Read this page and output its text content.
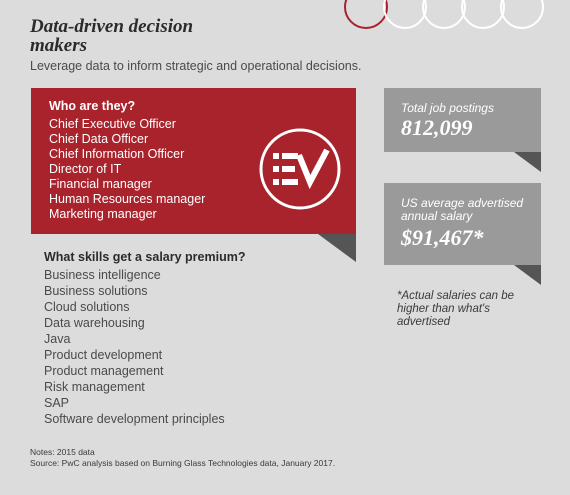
Data-driven decision makers
Leverage data to inform strategic and operational decisions.
Who are they?
Chief Executive Officer
Chief Data Officer
Chief Information Officer
Director of IT
Financial manager
Human Resources manager
Marketing manager
What skills get a salary premium?
Business intelligence
Business solutions
Cloud solutions
Data warehousing
Java
Product development
Product management
Risk management
SAP
Software development principles
Total job postings
812,099
US average advertised
annual salary
$91,467*
*Actual salaries can be higher than what's advertised
Notes: 2015 data
Source: PwC analysis based on Burning Glass Technologies data, January 2017.
